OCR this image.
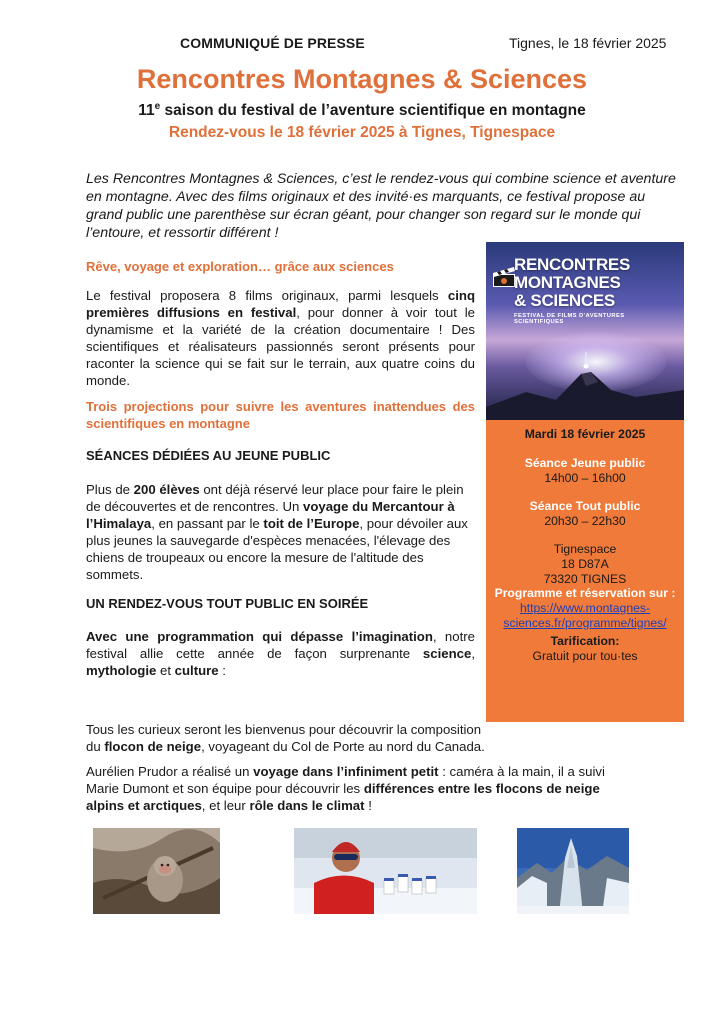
COMMUNIQUÉ DE PRESSE	Tignes, le 18 février 2025
Rencontres Montagnes & Sciences
11e saison du festival de l’aventure scientifique en montagne
Rendez-vous le 18 février 2025 à Tignes, Tignespace
Les Rencontres Montagnes & Sciences, c’est le rendez-vous qui combine science et aventure en montagne. Avec des films originaux et des invité·es marquants, ce festival propose au grand public une parenthèse sur écran géant, pour changer son regard sur le monde qui l’entoure, et ressortir différent !
Rêve, voyage et exploration… grâce aux sciences
Le festival proposera 8 films originaux, parmi lesquels cinq premières diffusions en festival, pour donner à voir tout le dynamisme et la variété de la création documentaire ! Des scientifiques et réalisateurs passionnés seront présents pour raconter la science qui se fait sur le terrain, aux quatre coins du monde.
Trois projections pour suivre les aventures inattendues des scientifiques en montagne
SÉANCES DÉDIÉES AU JEUNE PUBLIC
Plus de 200 élèves ont déjà réservé leur place pour faire le plein de découvertes et de rencontres. Un voyage du Mercantour à l’Himalaya, en passant par le toit de l’Europe, pour dévoiler aux plus jeunes la sauvegarde d'espèces menacées, l'élevage des chiens de troupeaux ou encore la mesure de l'altitude des sommets.
UN RENDEZ-VOUS TOUT PUBLIC EN SOIRÉE
Avec une programmation qui dépasse l’imagination, notre festival allie cette année de façon surprenante science, mythologie et culture :
Tous les curieux seront les bienvenus pour découvrir la composition du flocon de neige, voyageant du Col de Porte au nord du Canada.
Aurélien Prudor a réalisé un voyage dans l’infiniment petit : caméra à la main, il a suivi Marie Dumont et son équipe pour découvrir les différences entre les flocons de neige alpins et arctiques, et leur rôle dans le climat !
RENCONTRES
MONTAGNES
& SCIENCES
FESTIVAL DE FILMS D’AVENTURES SCIENTIFIQUES
Mardi 18 février 2025
Séance Jeune public
14h00 – 16h00
Séance Tout public
20h30 – 22h30
Tignespace
18 D87A
73320 TIGNES
Programme et réservation sur :
https://www.montagnes-
sciences.fr/programme/tignes/
Tarification:
Gratuit pour tou·tes
